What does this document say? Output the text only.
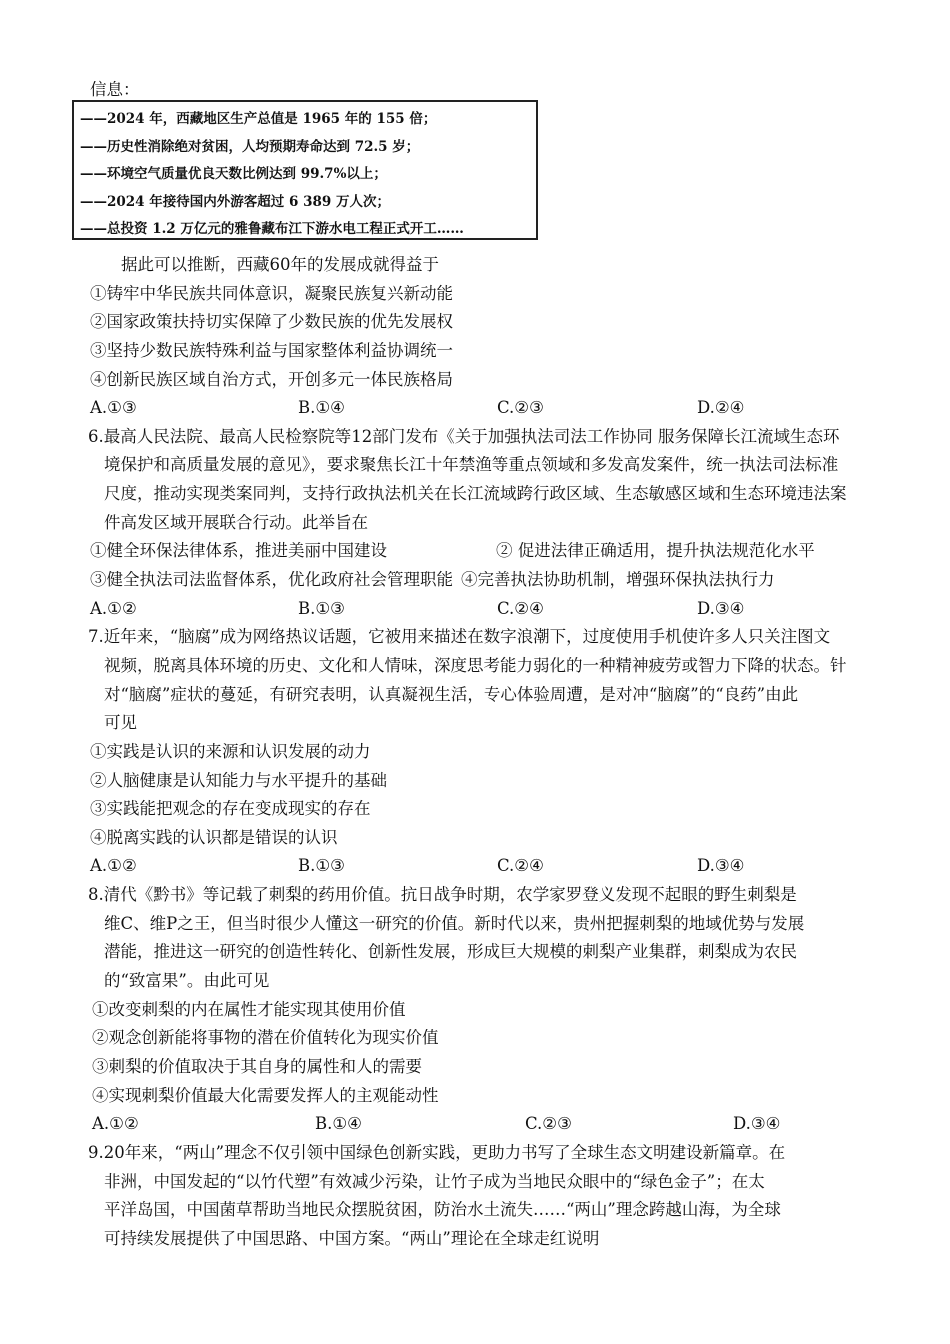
信息：
——2024 年，西藏地区生产总值是 1965 年的 155 倍；
——历史性消除绝对贫困，人均预期寿命达到 72.5 岁；
——环境空气质量优良天数比例达到 99.7%以上；
——2024 年接待国内外游客超过 6 389 万人次；
——总投资 1.2 万亿元的雅鲁藏布江下游水电工程正式开工……
　　据此可以推断，西藏60年的发展成就得益于
①铸牢中华民族共同体意识，凝聚民族复兴新动能
②国家政策扶持切实保障了少数民族的优先发展权
③坚持少数民族特殊利益与国家整体利益协调统一
④创新民族区域自治方式，开创多元一体民族格局
A.①③	B.①④	C.②③	D.②④
6.最高人民法院、最高人民检察院等12部门发布《关于加强执法司法工作协同 服务保障长江流域生态环
境保护和高质量发展的意见》，要求聚焦长江十年禁渔等重点领域和多发高发案件，统一执法司法标准
尺度，推动实现类案同判，支持行政执法机关在长江流域跨行政区域、生态敏感区域和生态环境违法案
件高发区域开展联合行动。此举旨在
①健全环保法律体系，推进美丽中国建设	② 促进法律正确适用，提升执法规范化水平
③健全执法司法监督体系，优化政府社会管理职能 ④完善执法协助机制，增强环保执法执行力
A.①②	B.①③	C.②④	D.③④
7.近年来，“脑腐”成为网络热议话题，它被用来描述在数字浪潮下，过度使用手机使许多人只关注图文
视频，脱离具体环境的历史、文化和人情味，深度思考能力弱化的一种精神疲劳或智力下降的状态。针
对“脑腐”症状的蔓延，有研究表明，认真凝视生活，专心体验周遭，是对冲“脑腐”的“良药”由此
可见
①实践是认识的来源和认识发展的动力
②人脑健康是认知能力与水平提升的基础
③实践能把观念的存在变成现实的存在
④脱离实践的认识都是错误的认识
A.①②	B.①③	C.②④	D.③④
8.清代《黔书》等记载了刺梨的药用价值。抗日战争时期，农学家罗登义发现不起眼的野生刺梨是
维C、维P之王，但当时很少人懂这一研究的价值。新时代以来，贵州把握刺梨的地域优势与发展
潜能，推进这一研究的创造性转化、创新性发展，形成巨大规模的刺梨产业集群，刺梨成为农民
的“致富果”。由此可见
①改变刺梨的内在属性才能实现其使用价值
②观念创新能将事物的潜在价值转化为现实价值
③刺梨的价值取决于其自身的属性和人的需要
④实现刺梨价值最大化需要发挥人的主观能动性
A.①②	B.①④	C.②③	D.③④
9.20年来，“两山”理念不仅引领中国绿色创新实践，更助力书写了全球生态文明建设新篇章。在
非洲，中国发起的“以竹代塑”有效减少污染，让竹子成为当地民众眼中的“绿色金子”；在太
平洋岛国，中国菌草帮助当地民众摆脱贫困，防治水土流失……“两山”理念跨越山海，为全球
可持续发展提供了中国思路、中国方案。“两山”理论在全球走红说明
